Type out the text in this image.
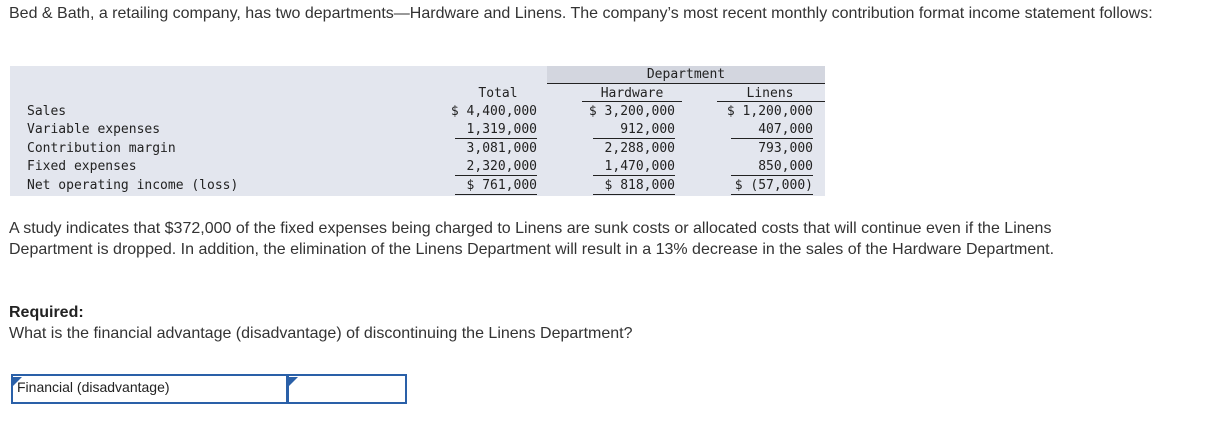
Bed & Bath, a retailing company, has two departments—Hardware and Linens. The company’s most recent monthly contribution format income statement follows:

Department
Total	Hardware	Linens
Sales	$ 4,400,000	$ 3,200,000	$ 1,200,000
Variable expenses	1,319,000	912,000	407,000
Contribution margin	3,081,000	2,288,000	793,000
Fixed expenses	2,320,000	1,470,000	850,000
Net operating income (loss)	$ 761,000	$ 818,000	$ (57,000)

A study indicates that $372,000 of the fixed expenses being charged to Linens are sunk costs or allocated costs that will continue even if the Linens Department is dropped. In addition, the elimination of the Linens Department will result in a 13% decrease in the sales of the Hardware Department.

Required:

What is the financial advantage (disadvantage) of discontinuing the Linens Department?

Financial (disadvantage)
